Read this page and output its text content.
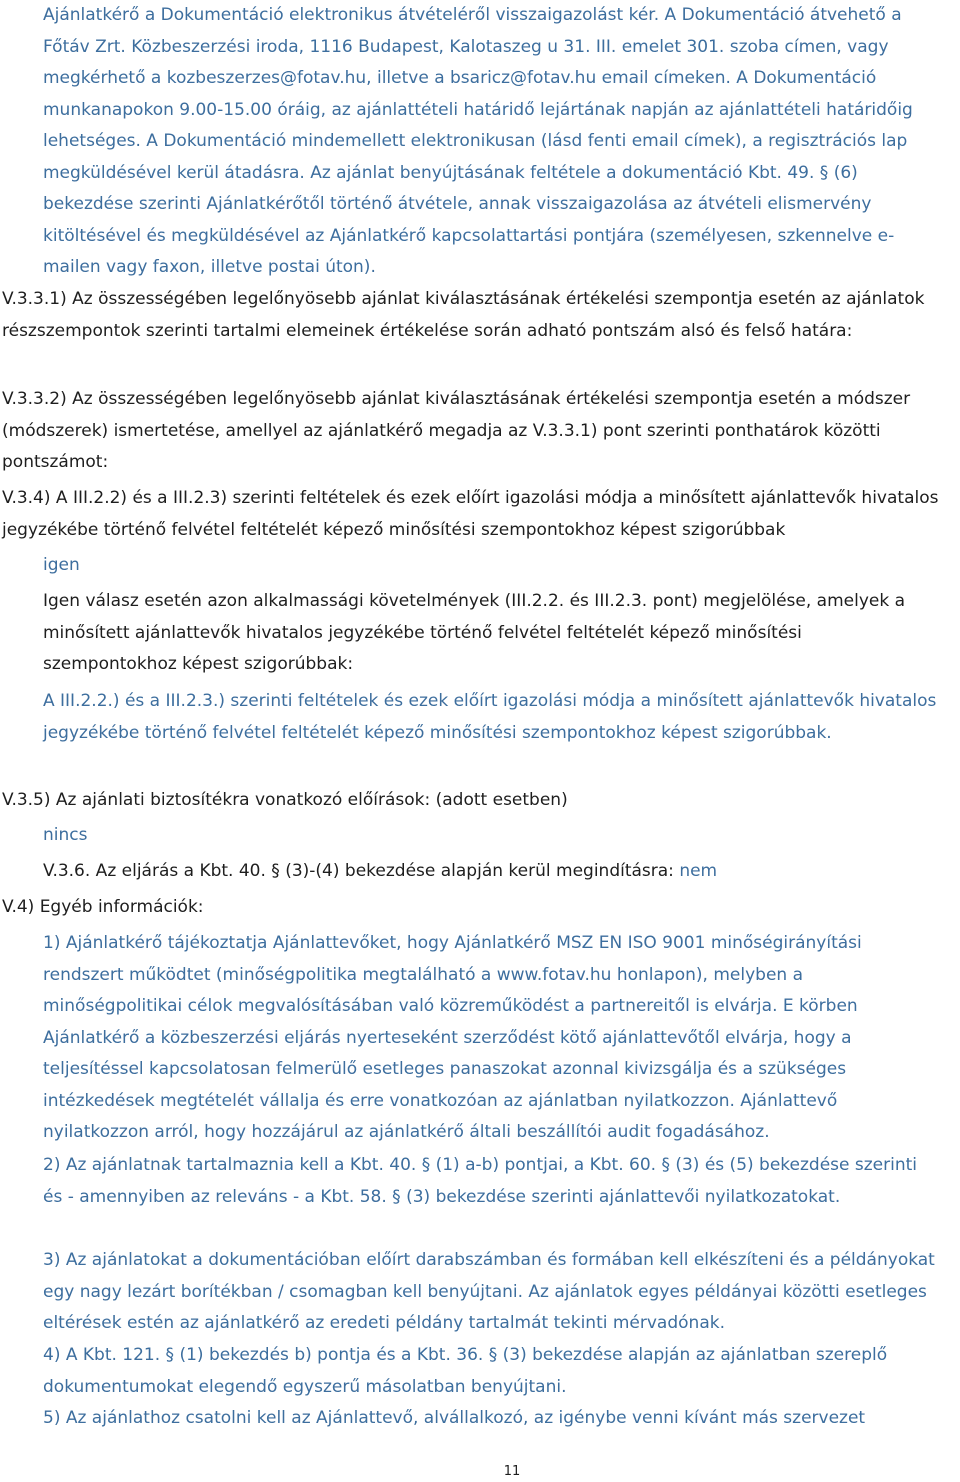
Ajánlatkérő a Dokumentáció elektronikus átvételéről visszaigazolást kér. A Dokumentáció átvehető a Főtáv Zrt. Közbeszerzési iroda, 1116 Budapest, Kalotaszeg u 31. III. emelet 301. szoba címen, vagy megkérhető a kozbeszerzes@fotav.hu, illetve a bsaricz@fotav.hu email címeken. A Dokumentáció munkanapokon 9.00-15.00 óráig, az ajánlattételi határidő lejártának napján az ajánlattételi határidőig lehetséges. A Dokumentáció mindemellett elektronikusan (lásd fenti email címek), a regisztrációs lap megküldésével kerül átadásra. Az ajánlat benyújtásának feltétele a dokumentáció Kbt. 49. § (6) bekezdése szerinti Ajánlatkérőtől történő átvétele, annak visszaigazolása az átvételi elismervény kitöltésével és megküldésével az Ajánlatkérő kapcsolattartási pontjára (személyesen, szkennelve e-mailen vagy faxon, illetve postai úton).

V.3.3.1) Az összességében legelőnyösebb ajánlat kiválasztásának értékelési szempontja esetén az ajánlatok részszempontok szerinti tartalmi elemeinek értékelése során adható pontszám alsó és felső határa:

V.3.3.2) Az összességében legelőnyösebb ajánlat kiválasztásának értékelési szempontja esetén a módszer (módszerek) ismertetése, amellyel az ajánlatkérő megadja az V.3.3.1) pont szerinti ponthatárok közötti pontszámot:

V.3.4) A III.2.2) és a III.2.3) szerinti feltételek és ezek előírt igazolási módja a minősített ajánlattevők hivatalos jegyzékébe történő felvétel feltételét képező minősítési szempontokhoz képest szigorúbbak

igen

Igen válasz esetén azon alkalmassági követelmények (III.2.2. és III.2.3. pont) megjelölése, amelyek a minősített ajánlattevők hivatalos jegyzékébe történő felvétel feltételét képező minősítési szempontokhoz képest szigorúbbak:

A III.2.2.) és a III.2.3.) szerinti feltételek és ezek előírt igazolási módja a minősített ajánlattevők hivatalos jegyzékébe történő felvétel feltételét képező minősítési szempontokhoz képest szigorúbbak.

V.3.5) Az ajánlati biztosítékra vonatkozó előírások: (adott esetben)

nincs

V.3.6. Az eljárás a Kbt. 40. § (3)-(4) bekezdése alapján kerül megindításra: nem

V.4) Egyéb információk:

1) Ajánlatkérő tájékoztatja Ajánlattevőket, hogy Ajánlatkérő MSZ EN ISO 9001 minőségirányítási rendszert működtet (minőségpolitika megtalálható a www.fotav.hu honlapon), melyben a minőségpolitikai célok megvalósításában való közreműködést a partnereitől is elvárja. E körben Ajánlatkérő a közbeszerzési eljárás nyerteseként szerződést kötő ajánlattevőtől elvárja, hogy a teljesítéssel kapcsolatosan felmerülő esetleges panaszokat azonnal kivizsgálja és a szükséges intézkedések megtételét vállalja és erre vonatkozóan az ajánlatban nyilatkozzon. Ajánlattevő nyilatkozzon arról, hogy hozzájárul az ajánlatkérő általi beszállítói audit fogadásához.

2) Az ajánlatnak tartalmaznia kell a Kbt. 40. § (1) a-b) pontjai, a Kbt. 60. § (3) és (5) bekezdése szerinti és - amennyiben az releváns - a Kbt. 58. § (3) bekezdése szerinti ajánlattevői nyilatkozatokat.

3) Az ajánlatokat a dokumentációban előírt darabszámban és formában kell elkészíteni és a példányokat egy nagy lezárt borítékban / csomagban kell benyújtani. Az ajánlatok egyes példányai közötti esetleges eltérések estén az ajánlatkérő az eredeti példány tartalmát tekinti mérvadónak.

4) A Kbt. 121. § (1) bekezdés b) pontja és a Kbt. 36. § (3) bekezdése alapján az ajánlatban szereplő dokumentumokat elegendő egyszerű másolatban benyújtani.

5) Az ajánlathoz csatolni kell az Ajánlattevő, alvállalkozó, az igénybe venni kívánt más szervezet

11
